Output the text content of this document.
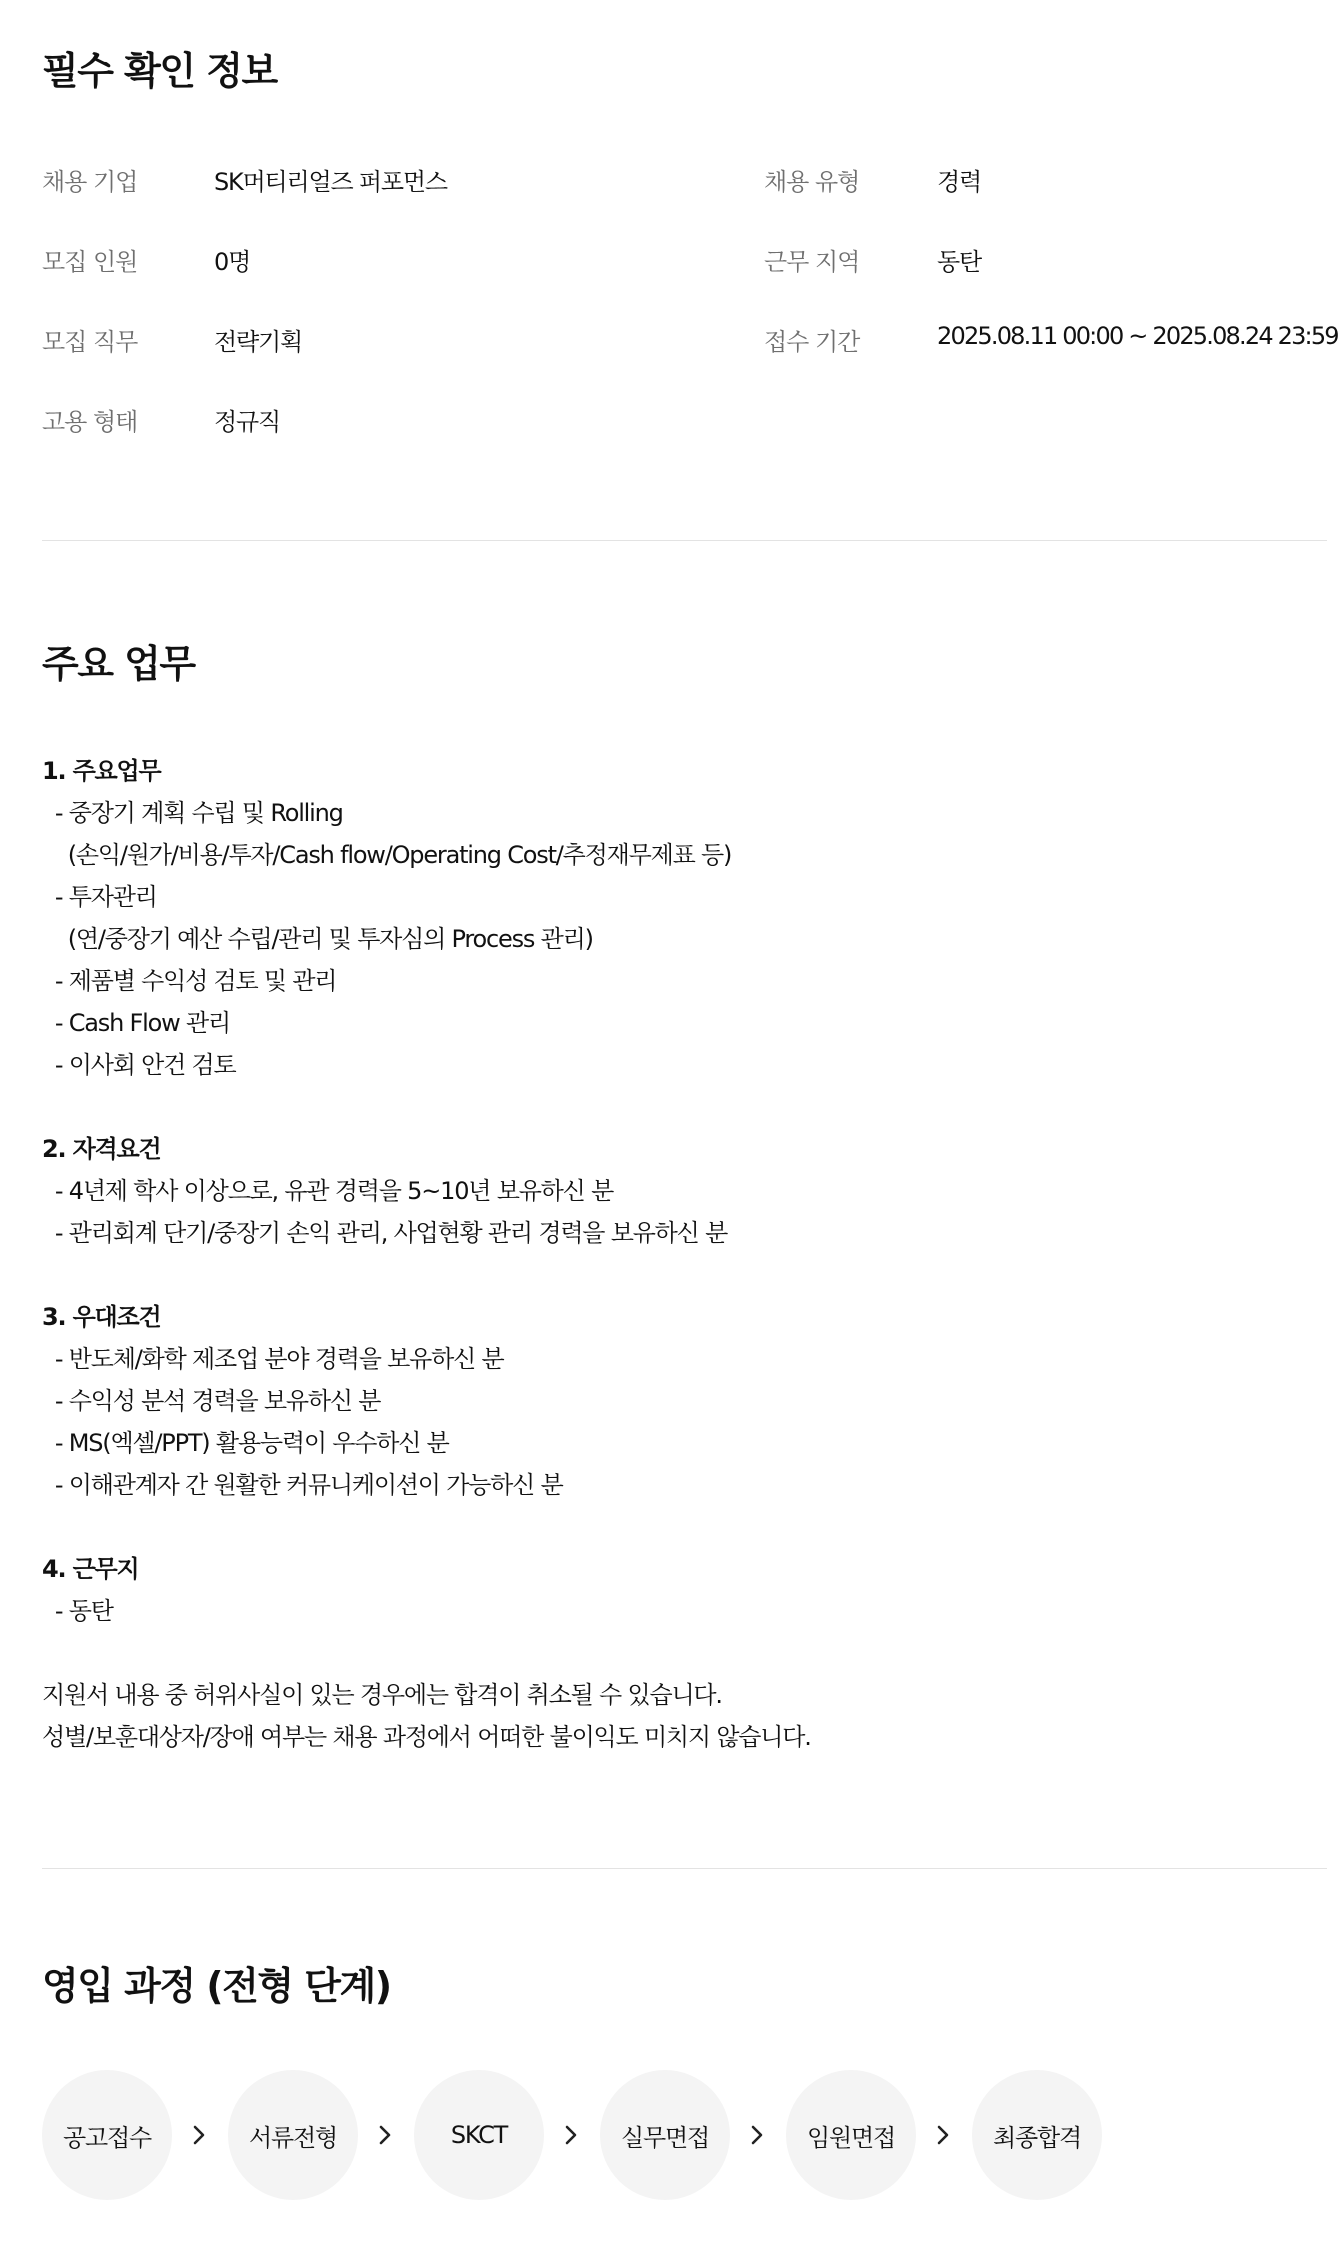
필수 확인 정보
채용 기업	SK머티리얼즈 퍼포먼스	채용 유형	경력
모집 인원	0명	근무 지역	동탄
모집 직무	전략기획	접수 기간	2025.08.11 00:00 ~ 2025.08.24 23:59
고용 형태	정규직
주요 업무
1. 주요업무
- 중장기 계획 수립 및 Rolling
(손익/원가/비용/투자/Cash flow/Operating Cost/추정재무제표 등)
- 투자관리
(연/중장기 예산 수립/관리 및 투자심의 Process 관리)
- 제품별 수익성 검토 및 관리
- Cash Flow 관리
- 이사회 안건 검토
2. 자격요건
- 4년제 학사 이상으로, 유관 경력을 5~10년 보유하신 분
- 관리회계 단기/중장기 손익 관리, 사업현황 관리 경력을 보유하신 분
3. 우대조건
- 반도체/화학 제조업 분야 경력을 보유하신 분
- 수익성 분석 경력을 보유하신 분
- MS(엑셀/PPT) 활용능력이 우수하신 분
- 이해관계자 간 원활한 커뮤니케이션이 가능하신 분
4. 근무지
- 동탄
지원서 내용 중 허위사실이 있는 경우에는 합격이 취소될 수 있습니다.
성별/보훈대상자/장애 여부는 채용 과정에서 어떠한 불이익도 미치지 않습니다.
영입 과정 (전형 단계)
공고접수	서류전형	SKCT	실무면접	임원면접	최종합격
